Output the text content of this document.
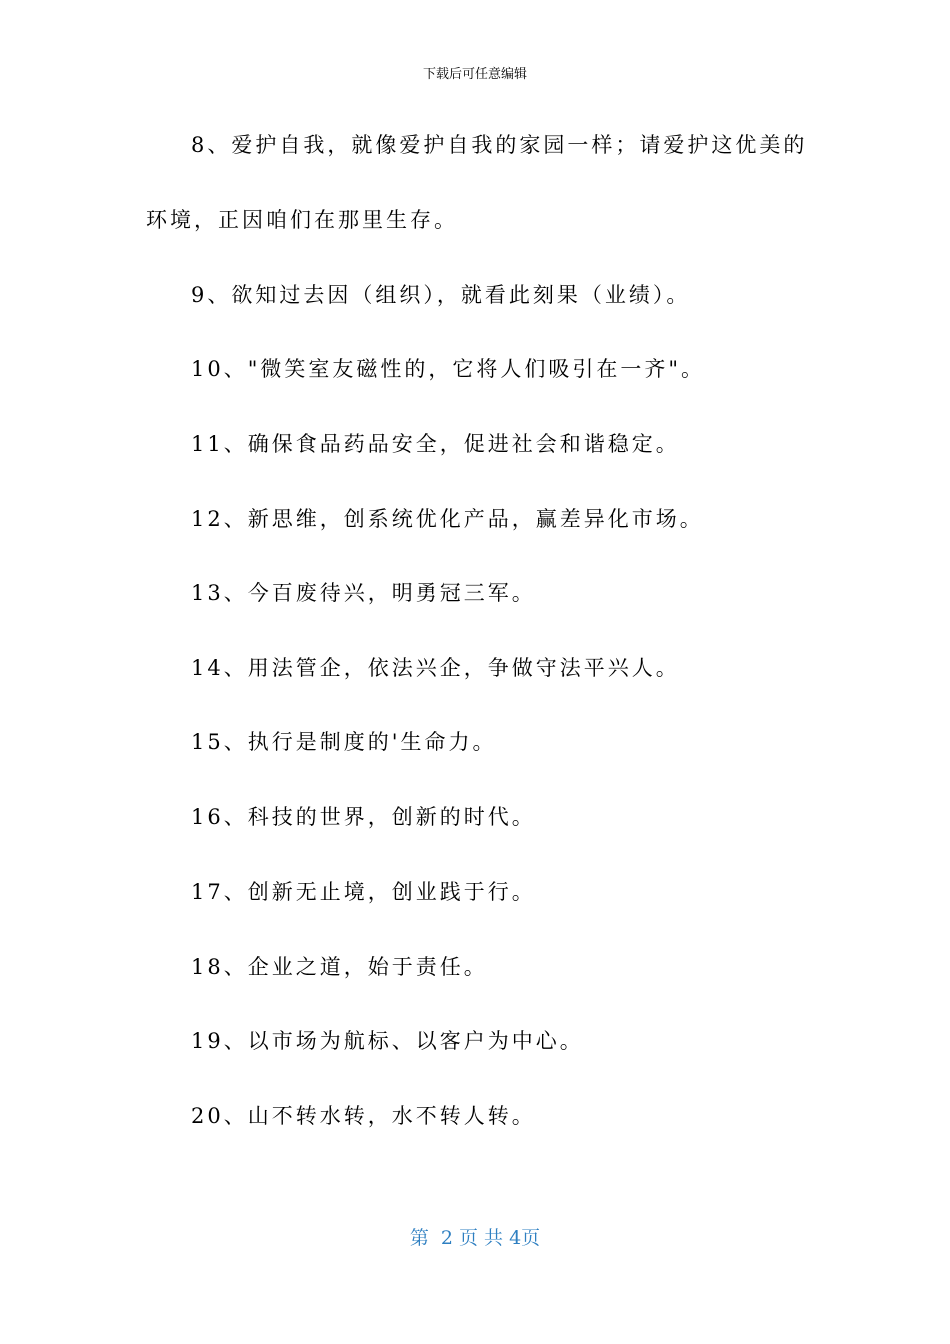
下载后可任意编辑
8、爱护自我，就像爱护自我的家园一样；请爱护这优美的
环境，正因咱们在那里生存。
9、欲知过去因（组织），就看此刻果（业绩）。
10、"微笑室友磁性的，它将人们吸引在一齐"。
11、确保食品药品安全，促进社会和谐稳定。
12、新思维，创系统优化产品，赢差异化市场。
13、今百废待兴，明勇冠三军。
14、用法管企，依法兴企，争做守法平兴人。
15、执行是制度的'生命力。
16、科技的世界，创新的时代。
17、创新无止境，创业践于行。
18、企业之道，始于责任。
19、以市场为航标、以客户为中心。
20、山不转水转，水不转人转。
第  2 页 共 4页
